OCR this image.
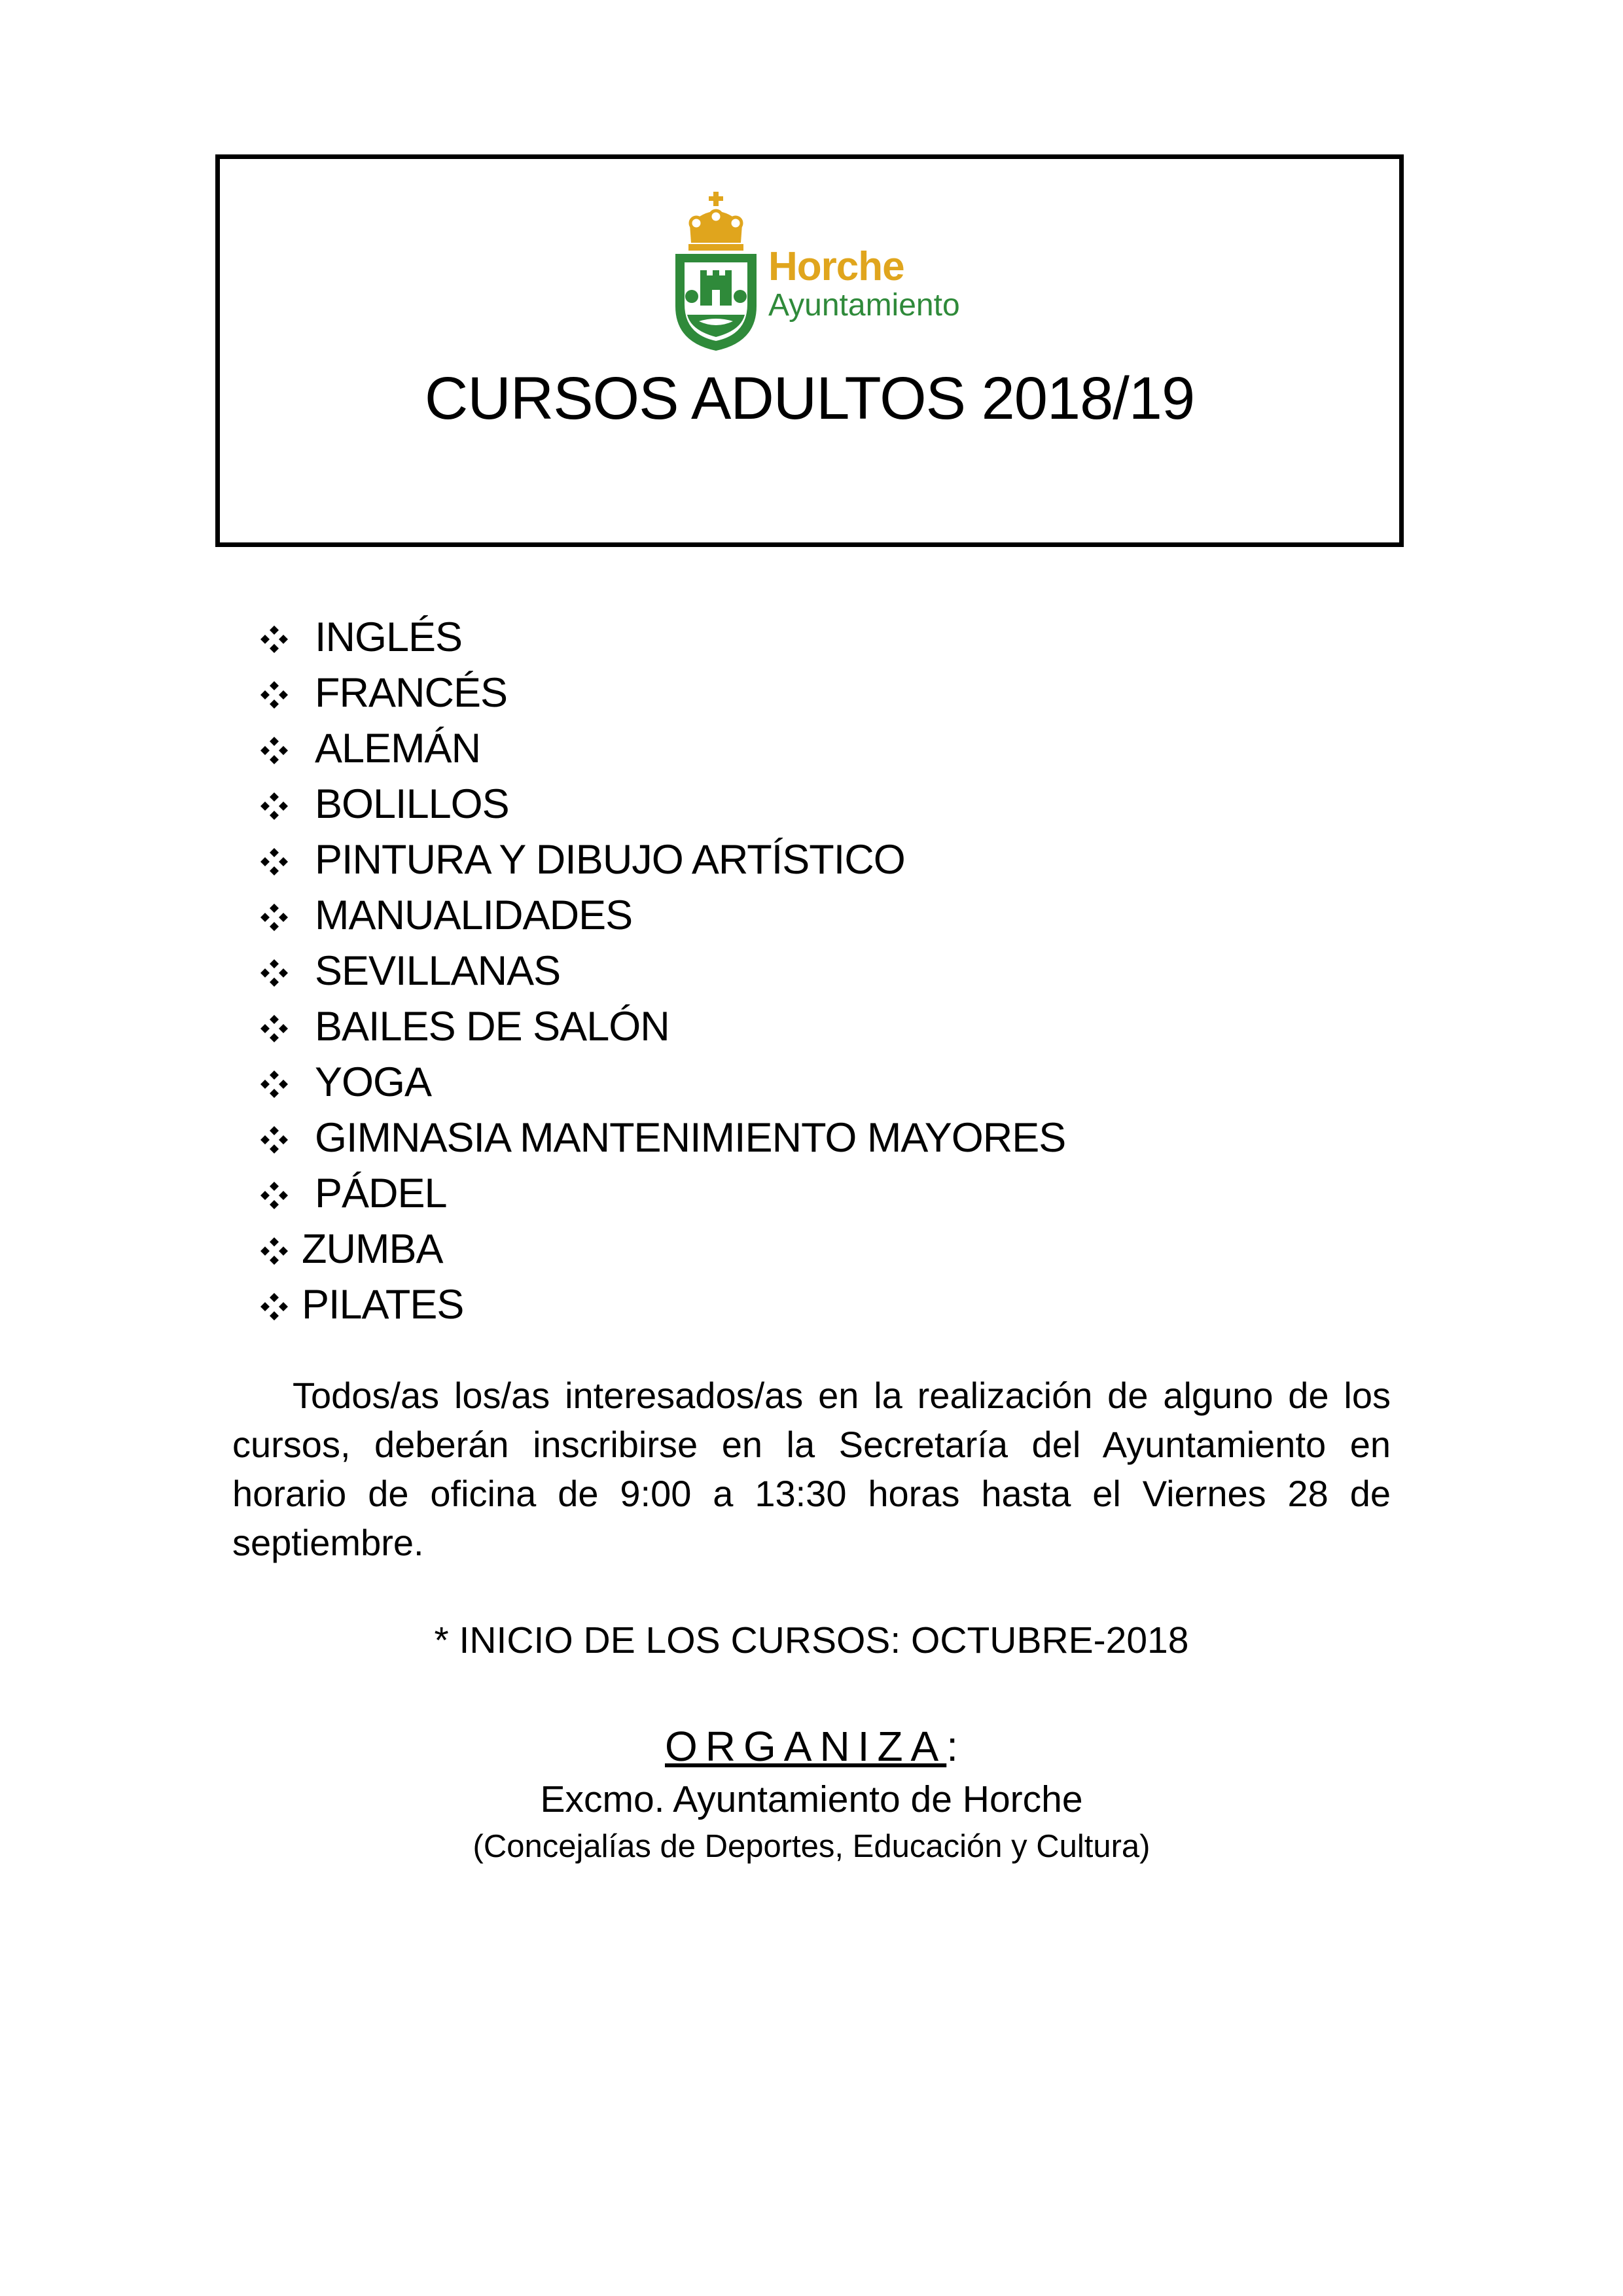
Horche
Ayuntamiento
CURSOS ADULTOS 2018/19
INGLÉS
FRANCÉS
ALEMÁN
BOLILLOS
PINTURA Y DIBUJO ARTÍSTICO
MANUALIDADES
SEVILLANAS
BAILES DE SALÓN
YOGA
GIMNASIA MANTENIMIENTO MAYORES
PÁDEL
ZUMBA
PILATES

Todos/as los/as interesados/as en la realización de alguno de los cursos, deberán inscribirse en la Secretaría del Ayuntamiento en horario de oficina de 9:00 a 13:30 horas hasta el Viernes 28 de septiembre.

* INICIO DE LOS CURSOS: OCTUBRE-2018
ORGANIZA:
Excmo. Ayuntamiento de Horche
(Concejalías de Deportes, Educación y Cultura)
